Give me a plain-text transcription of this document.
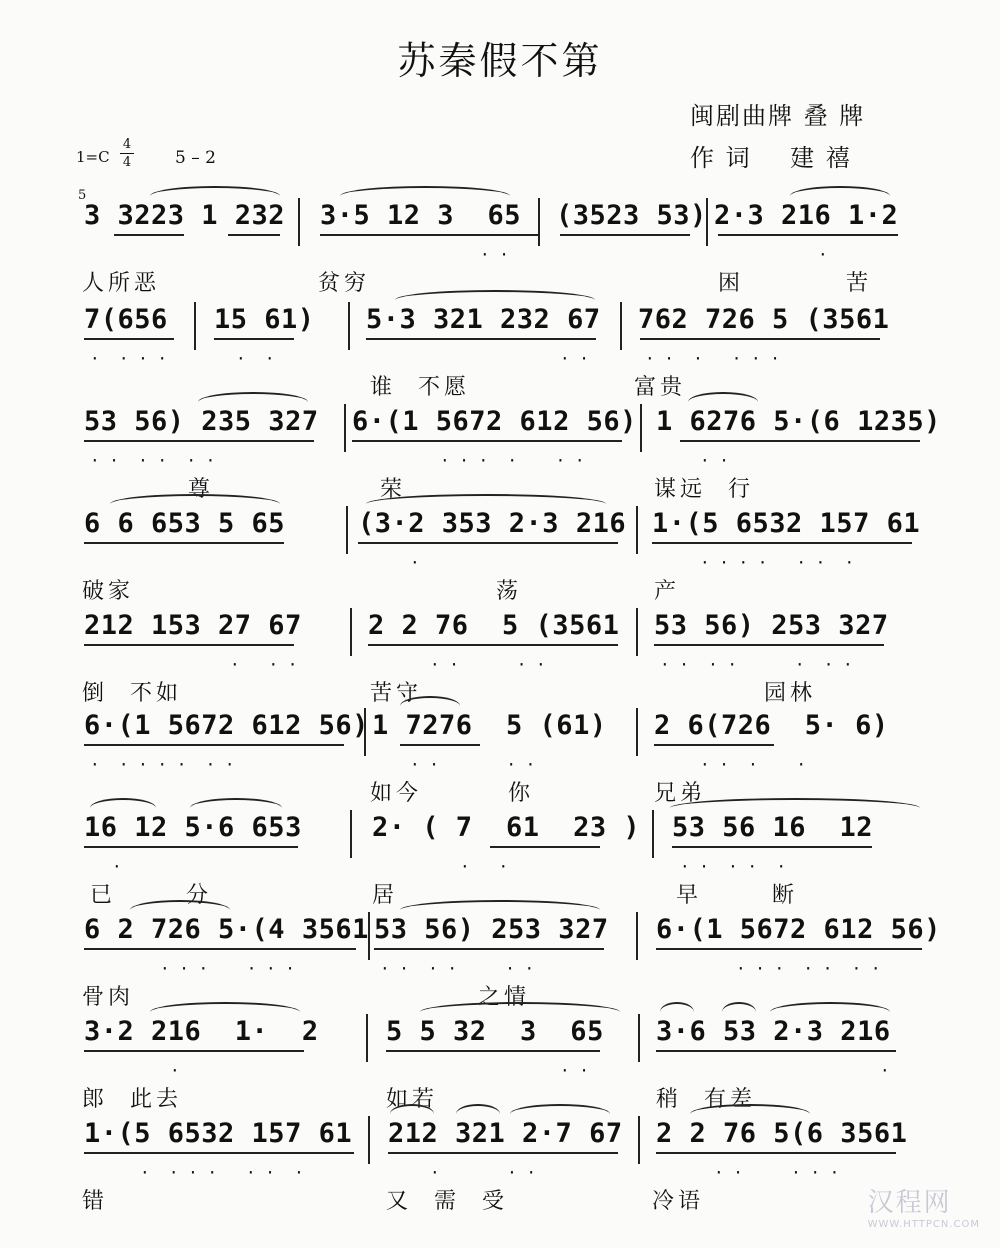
苏秦假不第
闽剧曲牌 叠 牌
作 词    建 禧
1=C
4
4	5 – 2
5
3 3223 1 232 3·5 12 3  65 (3523 53) 2·3 216 1·2
· ·	·
人所恶	贫穷	困	苦
7(656 15 61) 5·3 321 232 67 762 726 5 (3561
·  · · ·	·  ·	· ·	· ·  ·   · · ·
谁  不愿	富贵
53 56) 235 327 6·(1 5672 612 56) 1 6276 5·(6 1235)
· ·  · ·  · ·	· · ·  ·    · ·	· ·
尊	荣	谋远  行
6 6 653 5 65	(3·2 353 2·3 216 1·(5 6532 157 61
·	· · · ·   · ·  ·
破家	荡	产
212 153 27 67 2 2 76  5 (3561 53 56) 253 327
·   · ·	· ·      · ·	· ·  · ·      ·  · ·
倒  不如	苦守	园林
6·(1 5672 612 56) 1 7276  5 (61) 2 6(726  5· 6)
·  · · · ·  · ·	· ·       · ·	· ·  ·    ·
如今	你	兄弟
16 12 5·6 653	2· ( 7  61  23 ) 53 56 16  12
·	·   ·	· ·  · ·  ·
已	分	居	早	断
6 2 726 5·(4 3561 53 56) 253 327 6·(1 5672 612 56)
· · ·    · · ·	· ·  · ·     · ·	· · ·  · ·  · ·
骨肉	之情
3·2 216  1·  2 5 5 32  3  65 3·6 53 2·3 216
·	· ·	·
郎  此去	如若	稍  有差
1·(5 6532 157 61 212 321 2·7 67 2 2 76 5(6 3561
·  · · ·   · ·  ·	·       · ·	· ·     · · ·
错	又  需  受	冷语	汉程网
WWW.HTTPCN.COM
